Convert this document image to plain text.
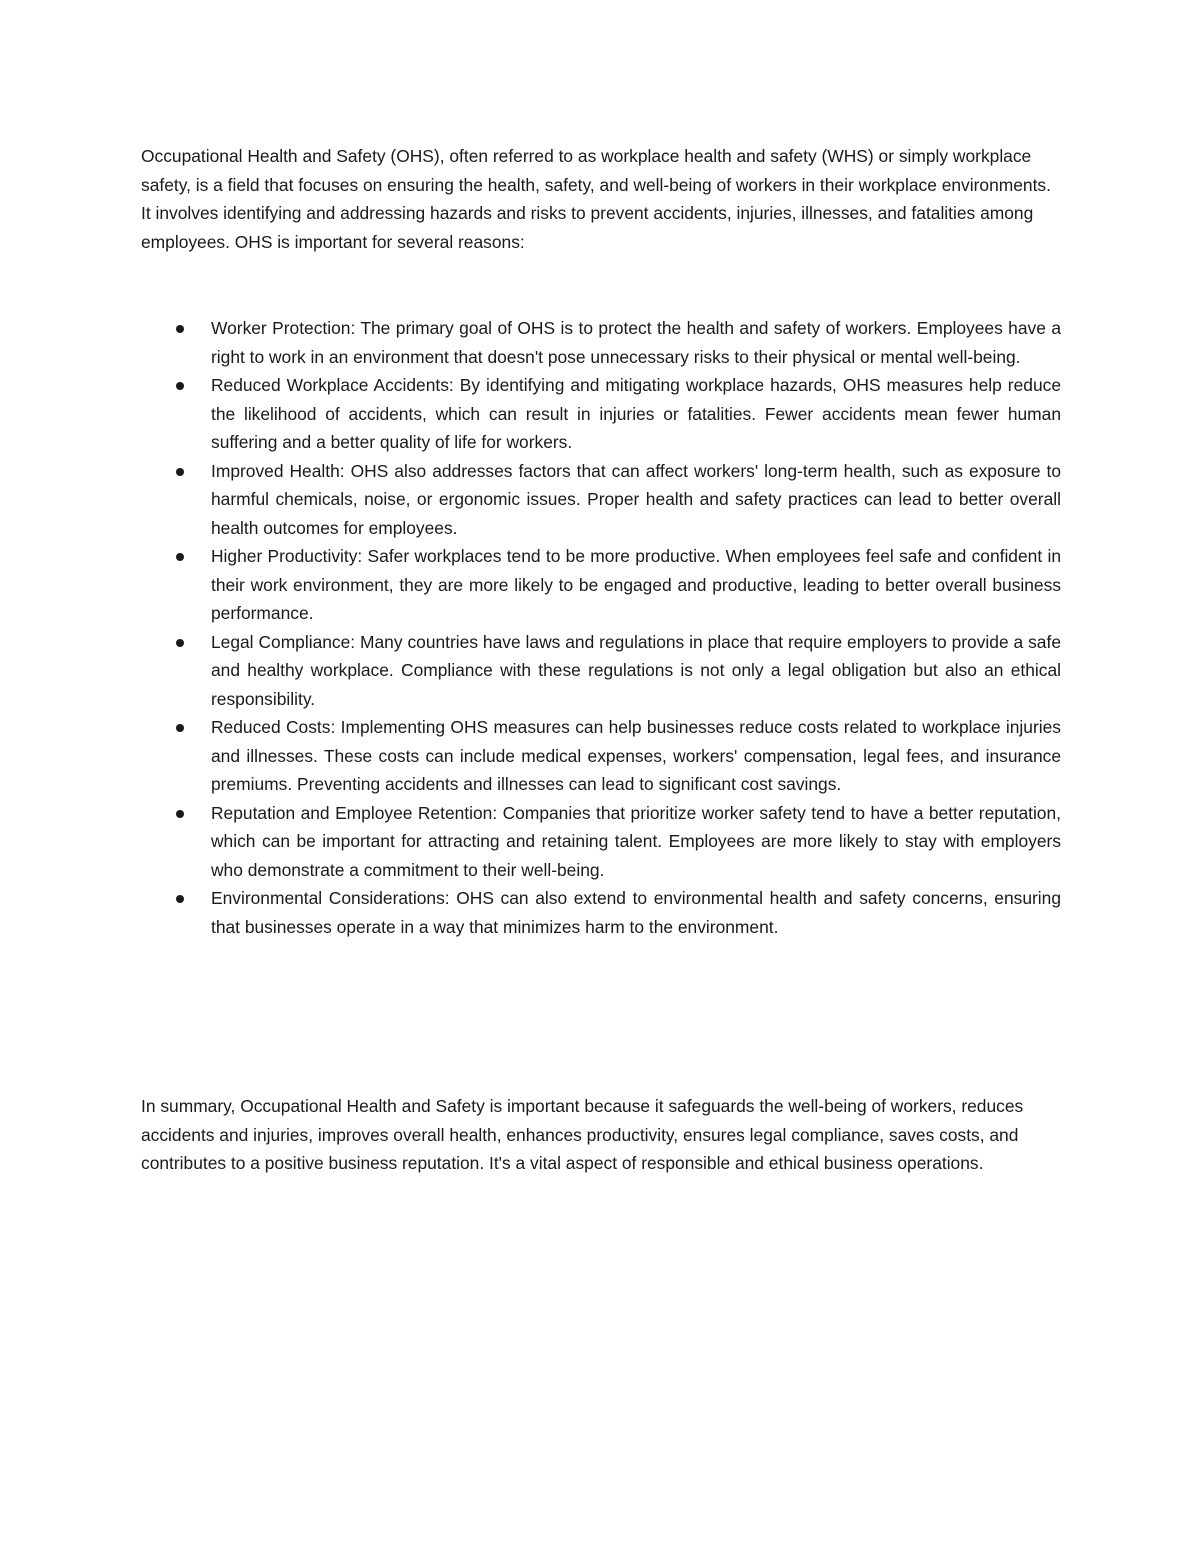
Occupational Health and Safety (OHS), often referred to as workplace health and safety (WHS) or simply workplace safety, is a field that focuses on ensuring the health, safety, and well-being of workers in their workplace environments. It involves identifying and addressing hazards and risks to prevent accidents, injuries, illnesses, and fatalities among employees. OHS is important for several reasons:

Worker Protection: The primary goal of OHS is to protect the health and safety of workers. Employees have a right to work in an environment that doesn't pose unnecessary risks to their physical or mental well-being.
Reduced Workplace Accidents: By identifying and mitigating workplace hazards, OHS measures help reduce the likelihood of accidents, which can result in injuries or fatalities. Fewer accidents mean fewer human suffering and a better quality of life for workers.
Improved Health: OHS also addresses factors that can affect workers' long-term health, such as exposure to harmful chemicals, noise, or ergonomic issues. Proper health and safety practices can lead to better overall health outcomes for employees.
Higher Productivity: Safer workplaces tend to be more productive. When employees feel safe and confident in their work environment, they are more likely to be engaged and productive, leading to better overall business performance.
Legal Compliance: Many countries have laws and regulations in place that require employers to provide a safe and healthy workplace. Compliance with these regulations is not only a legal obligation but also an ethical responsibility.
Reduced Costs: Implementing OHS measures can help businesses reduce costs related to workplace injuries and illnesses. These costs can include medical expenses, workers' compensation, legal fees, and insurance premiums. Preventing accidents and illnesses can lead to significant cost savings.
Reputation and Employee Retention: Companies that prioritize worker safety tend to have a better reputation, which can be important for attracting and retaining talent. Employees are more likely to stay with employers who demonstrate a commitment to their well-being.
Environmental Considerations: OHS can also extend to environmental health and safety concerns, ensuring that businesses operate in a way that minimizes harm to the environment.

In summary, Occupational Health and Safety is important because it safeguards the well-being of workers, reduces accidents and injuries, improves overall health, enhances productivity, ensures legal compliance, saves costs, and contributes to a positive business reputation. It's a vital aspect of responsible and ethical business operations.
